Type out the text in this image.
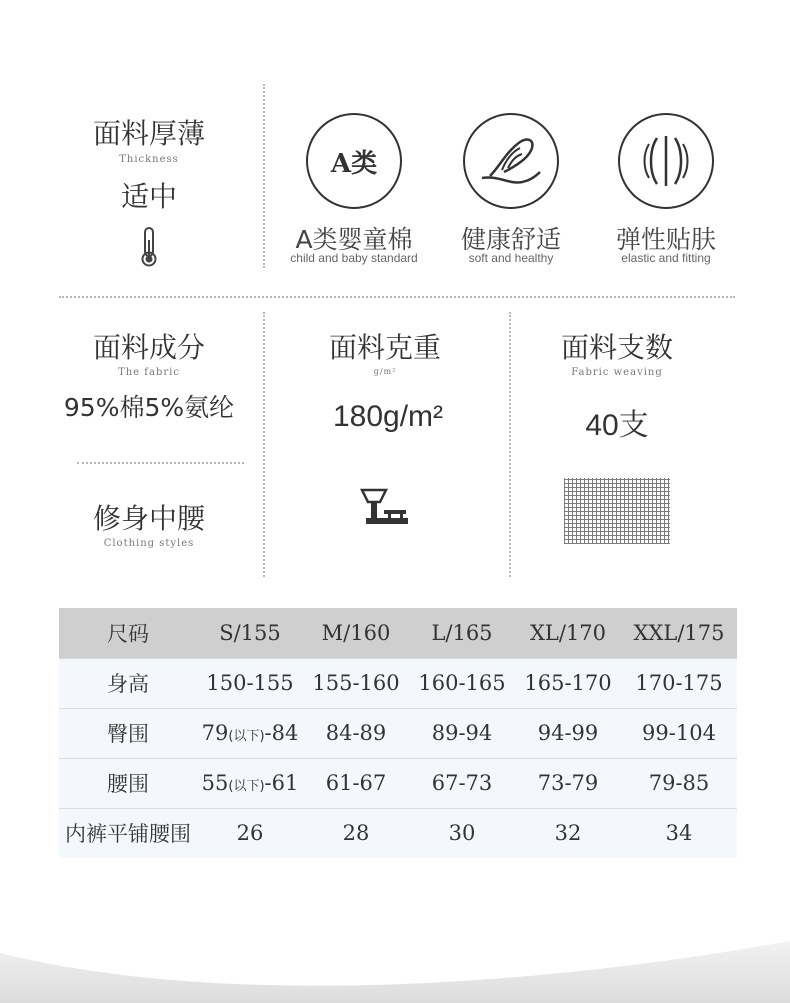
面料厚薄
Thickness
适中
A类
A类婴童棉
child and baby standard
健康舒适
soft and healthy
弹性贴肤
elastic and fitting
面料成分
The fabric
95%棉5%氨纶
修身中腰
Clothing styles
面料克重
g/m²
180g/m²
面料支数
Fabric weaving
40支
尺码	S/155	M/160	L/165	XL/170	XXL/175
身高	150-155	155-160	160-165	165-170	170-175
臀围	79(以下)-84	84-89	89-94	94-99	99-104
腰围	55(以下)-61	61-67	67-73	73-79	79-85
内裤平铺腰围	26	28	30	32	34
